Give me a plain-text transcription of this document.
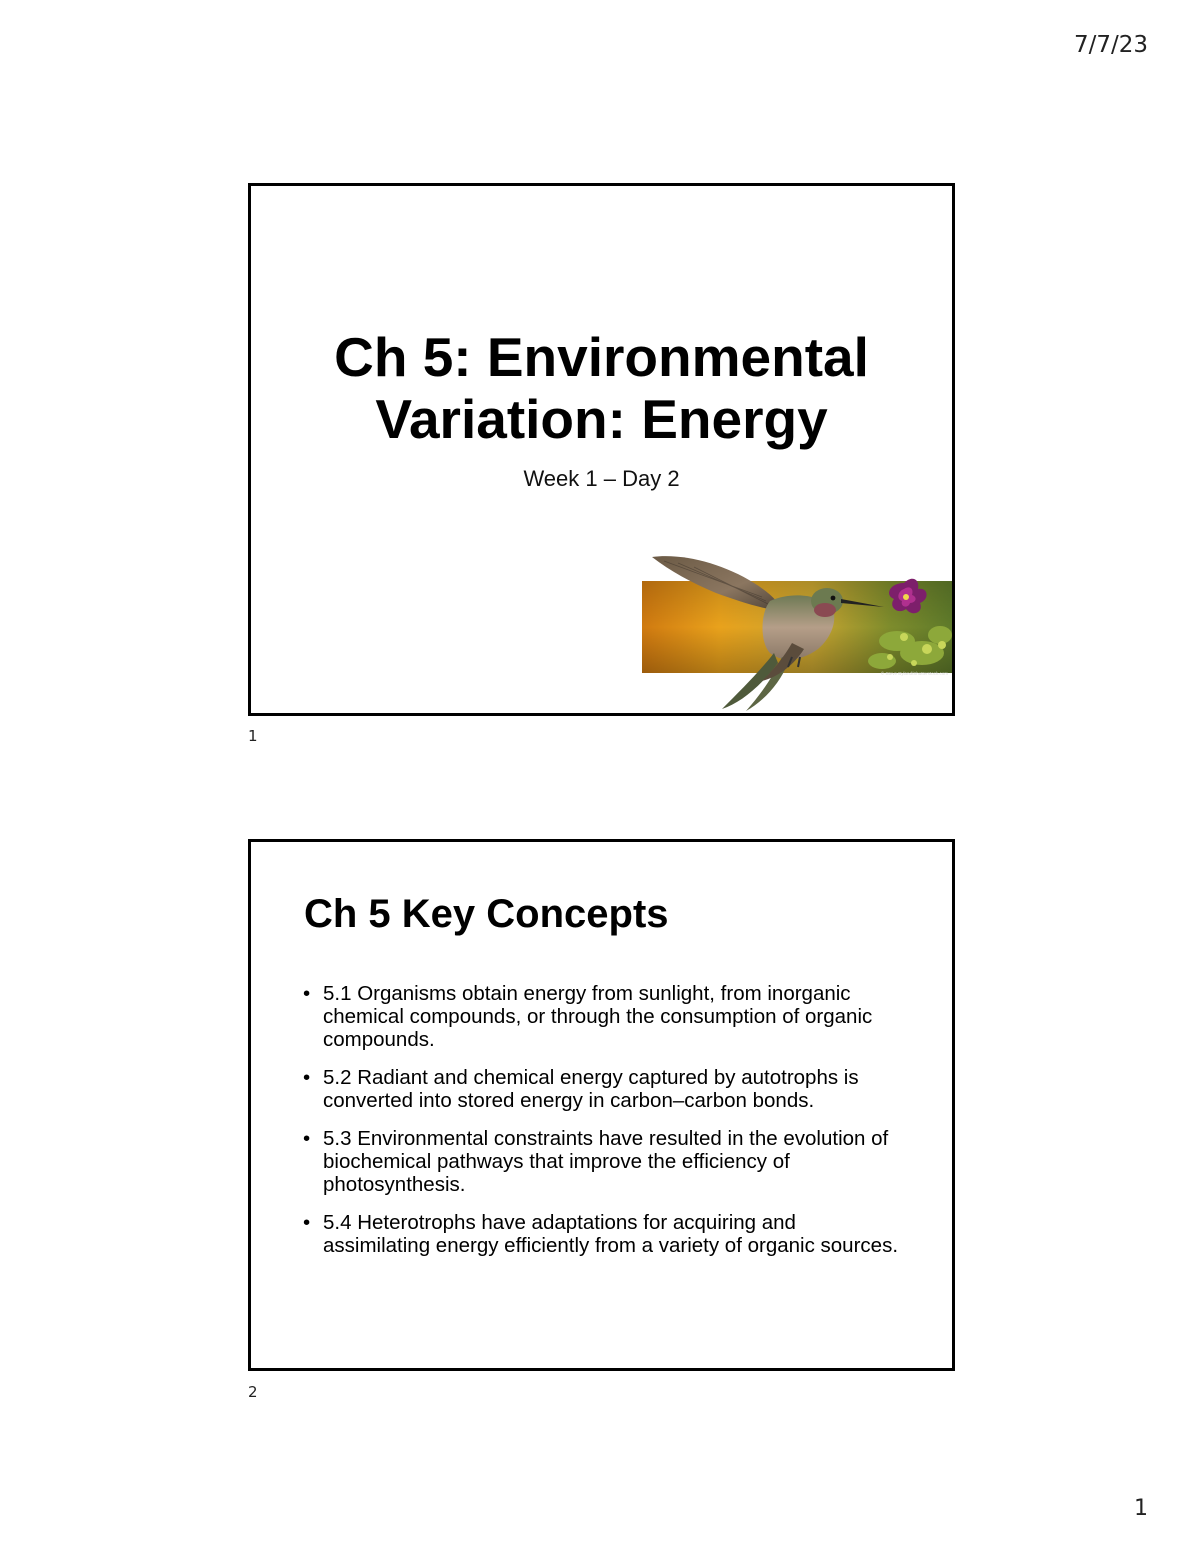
7/7/23
Ch 5: Environmental
Variation: Energy
Week 1 – Day 2
© Steve Byland/Shutterstock.com
1
Ch 5 Key Concepts
• 5.1 Organisms obtain energy from sunlight, from inorganic chemical compounds, or through the consumption of organic compounds.
• 5.2 Radiant and chemical energy captured by autotrophs is converted into stored energy in carbon–carbon bonds.
• 5.3 Environmental constraints have resulted in the evolution of biochemical pathways that improve the efficiency of photosynthesis.
• 5.4 Heterotrophs have adaptations for acquiring and assimilating energy efficiently from a variety of organic sources.
2
1
